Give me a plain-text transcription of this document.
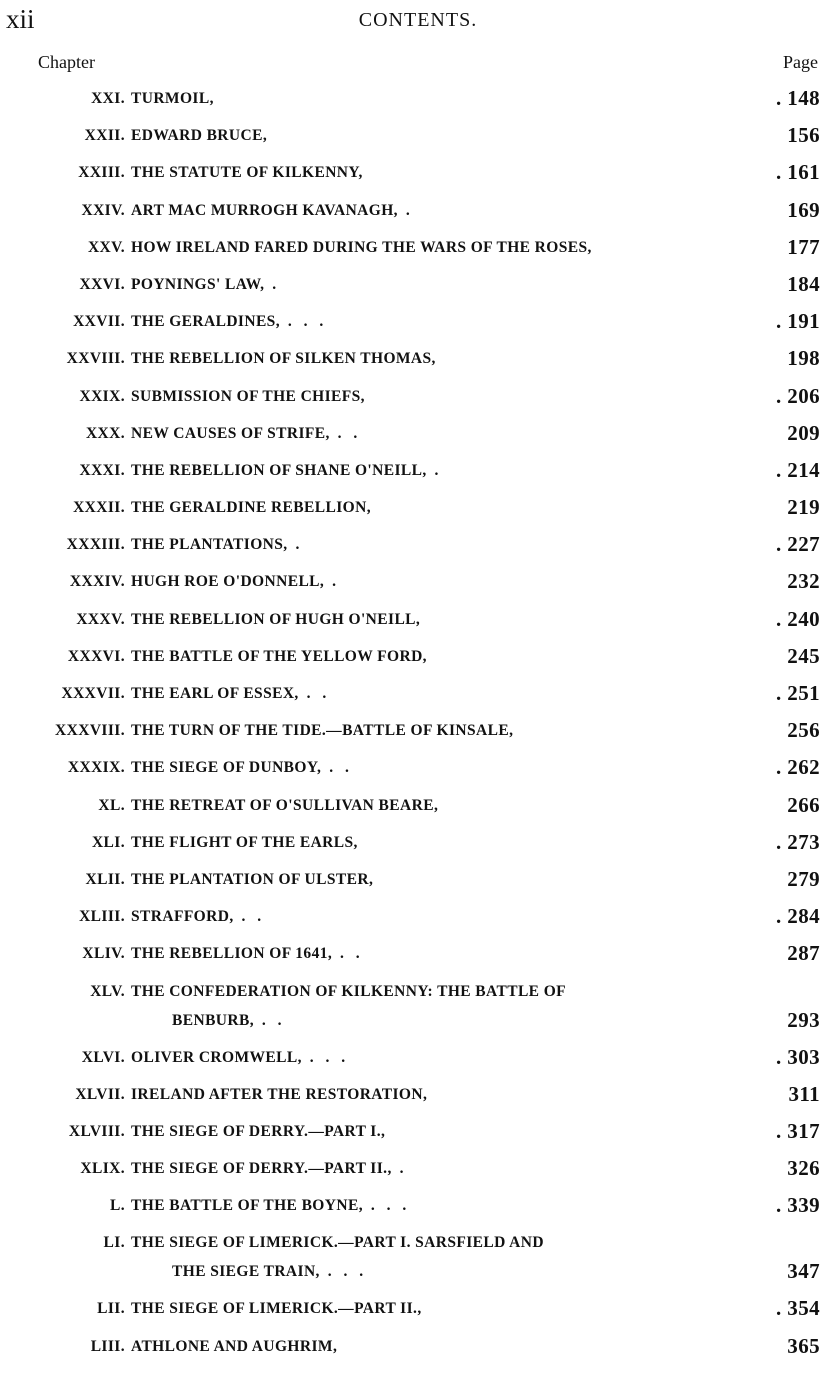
xii	CONTENTS.
Chapter	Page
XXI. TURMOIL,	. 148
XXII. EDWARD BRUCE,	156
XXIII. THE STATUTE OF KILKENNY,	. 161
XXIV. ART MAC MURROGH KAVANAGH, .	169
XXV. HOW IRELAND FARED DURING THE WARS OF THE ROSES,	177
XXVI. POYNINGS' LAW, .	184
XXVII. THE GERALDINES, . . .	. 191
XXVIII. THE REBELLION OF SILKEN THOMAS,	198
XXIX. SUBMISSION OF THE CHIEFS,	. 206
XXX. NEW CAUSES OF STRIFE, . .	209
XXXI. THE REBELLION OF SHANE O'NEILL, .	. 214
XXXII. THE GERALDINE REBELLION,	219
XXXIII. THE PLANTATIONS, .	. 227
XXXIV. HUGH ROE O'DONNELL, .	232
XXXV. THE REBELLION OF HUGH O'NEILL,	. 240
XXXVI. THE BATTLE OF THE YELLOW FORD,	245
XXXVII. THE EARL OF ESSEX, . .	. 251
XXXVIII. THE TURN OF THE TIDE.—BATTLE OF KINSALE,	256
XXXIX. THE SIEGE OF DUNBOY, . .	. 262
XL. THE RETREAT OF O'SULLIVAN BEARE,	266
XLI. THE FLIGHT OF THE EARLS,	. 273
XLII. THE PLANTATION OF ULSTER,	279
XLIII. STRAFFORD, . .	. 284
XLIV. THE REBELLION OF 1641, . .	287
XLV. THE CONFEDERATION OF KILKENNY: THE BATTLE OF
BENBURB, . .	293
XLVI. OLIVER CROMWELL, . . .	. 303
XLVII. IRELAND AFTER THE RESTORATION,	311
XLVIII. THE SIEGE OF DERRY.—PART I.,	. 317
XLIX. THE SIEGE OF DERRY.—PART II., .	326
L. THE BATTLE OF THE BOYNE, . . .	. 339
LI. THE SIEGE OF LIMERICK.—PART I. SARSFIELD AND
THE SIEGE TRAIN, . . .	347
LII. THE SIEGE OF LIMERICK.—PART II.,	. 354
LIII. ATHLONE AND AUGHRIM,	365
